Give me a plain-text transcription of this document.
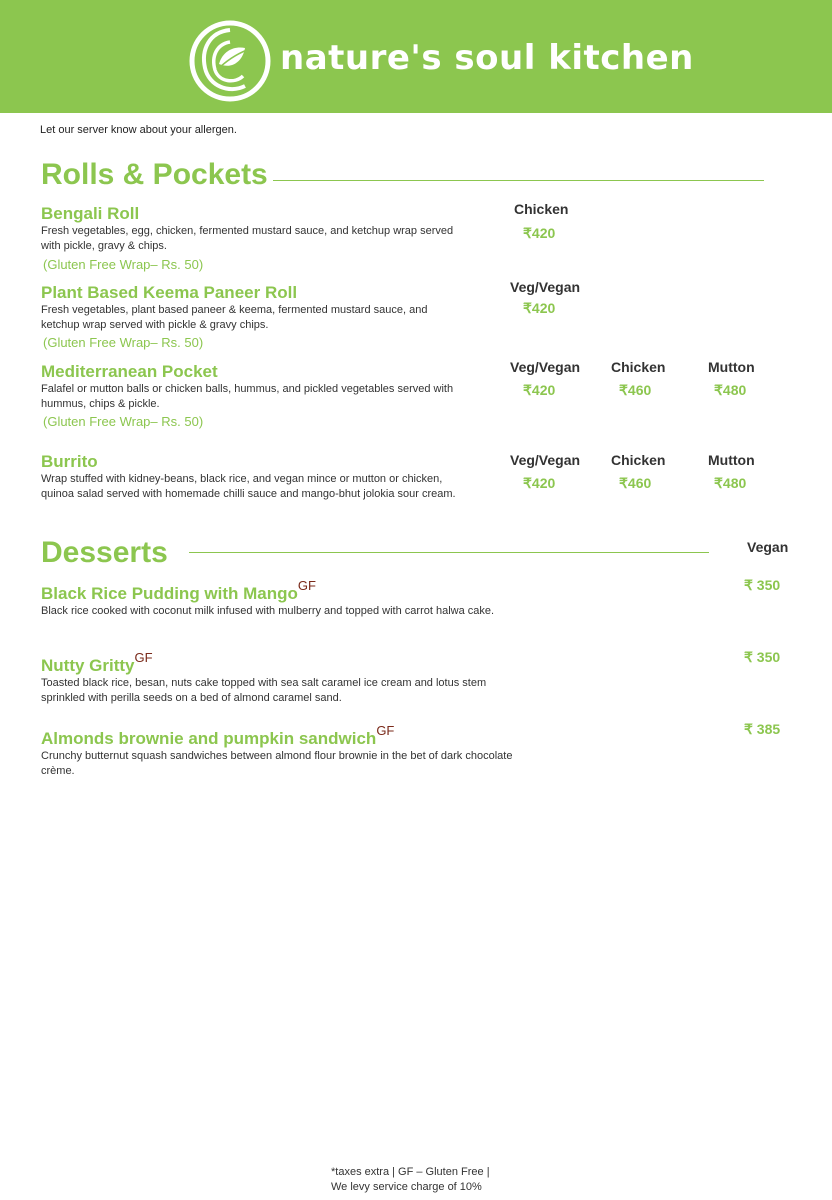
nature's soul kitchen
Let our server know about your allergen.
Rolls & Pockets
Bengali Roll
Fresh vegetables, egg, chicken, fermented mustard sauce, and ketchup wrap served with pickle, gravy & chips.
(Gluten Free Wrap– Rs. 50)
Chicken
₹420
Plant Based Keema Paneer Roll
Fresh vegetables, plant based paneer & keema, fermented mustard sauce, and ketchup wrap served with pickle & gravy chips.
(Gluten Free Wrap– Rs. 50)
Veg/Vegan
₹420
Mediterranean Pocket
Falafel or mutton balls or chicken balls, hummus, and pickled vegetables served with hummus, chips & pickle.
(Gluten Free Wrap– Rs. 50)
Veg/Vegan Chicken	Mutton
₹420	₹460	₹480
Burrito
Wrap stuffed with kidney-beans, black rice, and vegan mince or mutton or chicken, quinoa salad served with homemade chilli sauce and mango-bhut jolokia sour cream.
Veg/Vegan Chicken	Mutton
₹420	₹460	₹480
Desserts	Vegan
Black Rice Pudding with Mango$^{GF}$
Black rice cooked with coconut milk infused with mulberry and topped with carrot halwa cake.
₹ 350
Nutty Gritty$^{GF}$
Toasted black rice, besan, nuts cake topped with sea salt caramel ice cream and lotus stem sprinkled with perilla seeds on a bed of almond caramel sand.
₹ 350
Almonds brownie and pumpkin sandwich$^{GF}$
Crunchy butternut squash sandwiches between almond flour brownie in the bet of dark chocolate crème.
₹ 385
*taxes extra | GF – Gluten Free |
We levy service charge of 10%
